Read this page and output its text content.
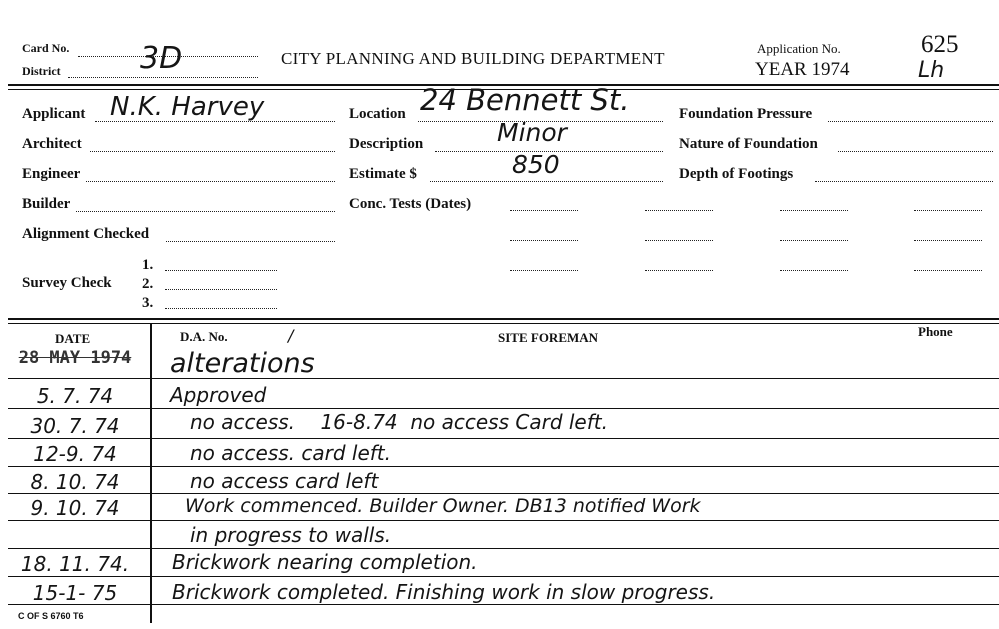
Card No. 3D
District
CITY PLANNING AND BUILDING DEPARTMENT
Application No.
YEAR 1974
625
Lh
Applicant N.K. Harvey
Architect
Engineer
Builder
Alignment Checked
Survey Check
1.
2.
3.
Location 24 Bennett St.
Description	Minor
Estimate $	850
Conc. Tests (Dates)
Foundation Pressure
Nature of Foundation
Depth of Footings
DATE	D.A. No.	/	SITE FOREMAN	Phone
28 MAY 1974	alterations
5. 7. 74	Approved
30. 7. 74	no access.    16-8.74  no access Card left.
12-9. 74	no access. card left.
8. 10. 74	no access card left
9. 10. 74	Work commenced. Builder Owner. DB13 notified Work
in progress to walls.
18. 11. 74.	Brickwork nearing completion.
15-1- 75	Brickwork completed. Finishing work in slow progress.
C OF S 6760 T6
